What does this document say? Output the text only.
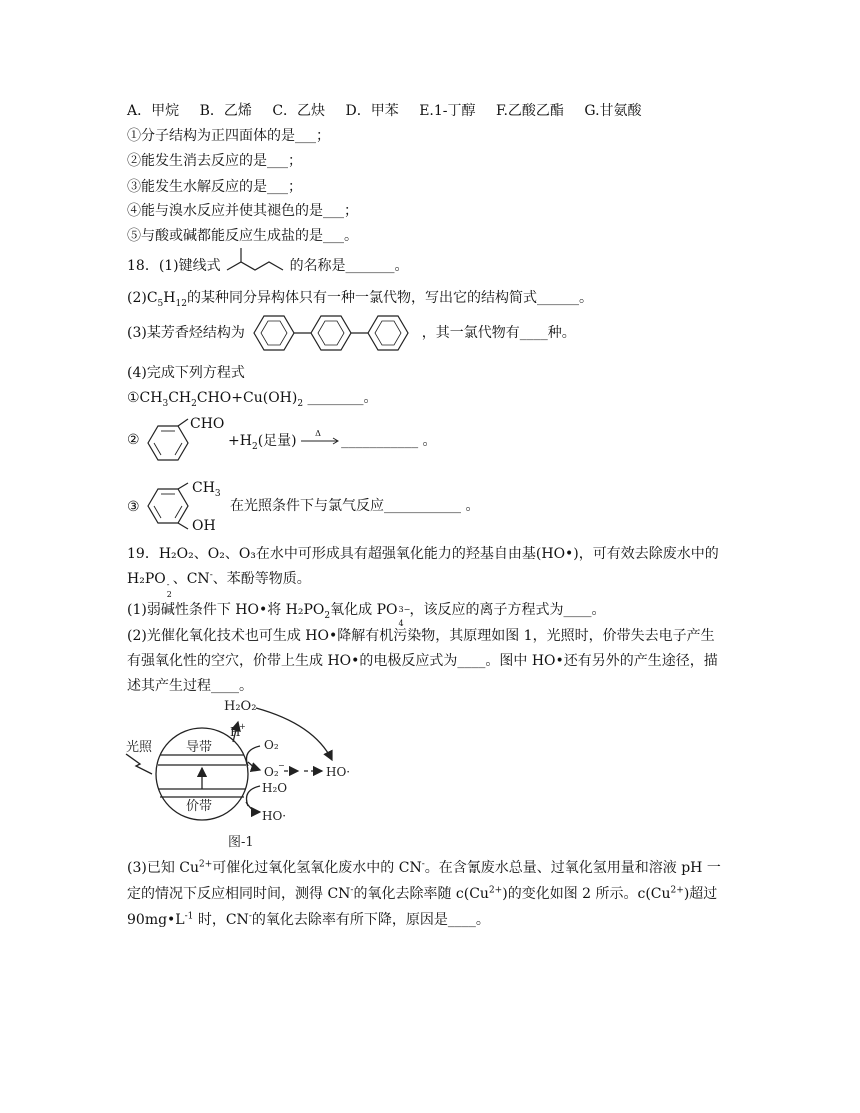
A．甲烷 B．乙烯 C．乙炔 D．甲苯 E.1-丁醇 F.乙酸乙酯 G.甘氨酸
①分子结构为正四面体的是___；
②能发生消去反应的是___；
③能发生水解反应的是___；
④能与溴水反应并使其褪色的是___；
⑤与酸或碱都能反应生成盐的是___。
18．(1)键线式	的名称是_______。
$(2)C_5H_{12}$的某种同分异构体只有一种一氯代物，写出它的结构简式______。
(3)某芳香烃结构为	，其一氯代物有____种。
(4)完成下列方程式
$①CH_3CH_2CHO+Cu(OH)_2$ ________。
②
CHO
$+H_2$(足量) Δ ___________ 。
③
$CH_3$
OH
在光照条件下与氯气反应___________ 。
19．H₂O₂、O₂、O₃在水中可形成具有超强氧化能力的羟基自由基(HO•)，可有效去除废水中的
H₂PO -
2
、CN-、苯酚等物质。
(1)弱碱性条件下 HO•将 $H_2PO_2$氧化成 PO 3−
4
，该反应的离子方程式为____。
(2)光催化氧化技术也可生成 HO•降解有机污染物，其原理如图 1，光照时，价带失去电子产生
有强氧化性的空穴，价带上生成 HO•的电极反应式为____。图中 HO•还有另外的产生途径，描
述其产生过程____。
光照	导带
价带
H₂O₂
H
+
O₂
O₂ −	HO·
H₂O
HO·
图-1
(3)已知 $Cu^{2+}$可催化过氧化氢氧化废水中的 CN-。在含氰废水总量、过氧化氢用量和溶液 pH 一
定的情况下反应相同时间，测得 CN-的氧化去除率随 $c(Cu^{2+})$的变化如图 2 所示。$c(Cu^{2+})$超过
$90mg•L^{-1}$ 时，CN-的氧化去除率有所下降，原因是____。
